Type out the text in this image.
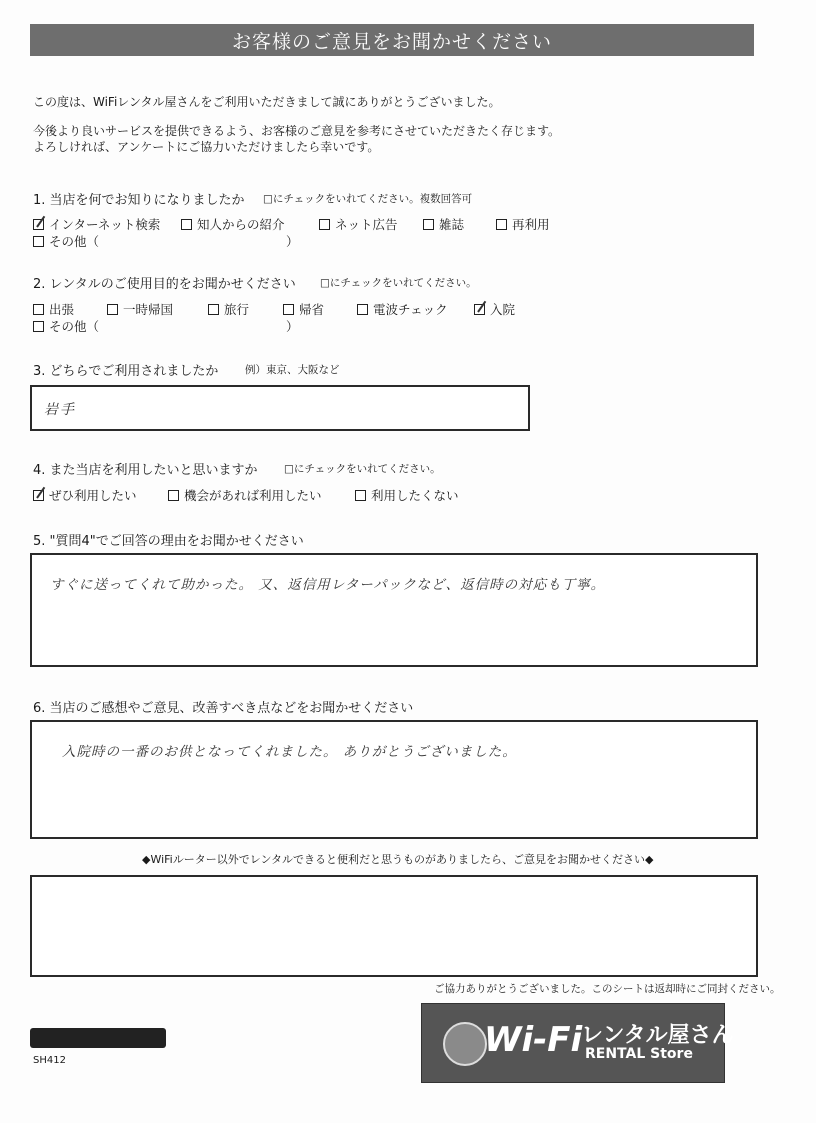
お客様のご意見をお聞かせください
この度は、WiFiレンタル屋さんをご利用いただきまして誠にありがとうございました。
今後より良いサービスを提供できるよう、お客様のご意見を参考にさせていただきたく存じます。
よろしければ、アンケートにご協力いただけましたら幸いです。
1. 当店を何でお知りになりましたか □にチェックをいれてください。複数回答可
インターネット検索	知人からの紹介	ネット広告	雑誌	再利用
その他（	）
2. レンタルのご使用目的をお聞かせください □にチェックをいれてください。
出張	一時帰国	旅行	帰省	電波チェック	入院
その他（	）
3. どちらでご利用されましたか	例）東京、大阪など
岩手
4. また当店を利用したいと思いますか	□にチェックをいれてください。
ぜひ利用したい	機会があれば利用したい	利用したくない
5. "質問4"でご回答の理由をお聞かせください
すぐに送ってくれて助かった。 又、返信用レターパックなど、返信時の対応も丁寧。
6. 当店のご感想やご意見、改善すべき点などをお聞かせください
入院時の一番のお供となってくれました。 ありがとうございました。
◆WiFiルーター以外でレンタルできると便利だと思うものがありましたら、ご意見をお聞かせください◆
ご協力ありがとうございました。このシートは返却時にご同封ください。
SH412
Wi-Fi
レンタル屋さん
RENTAL Store
